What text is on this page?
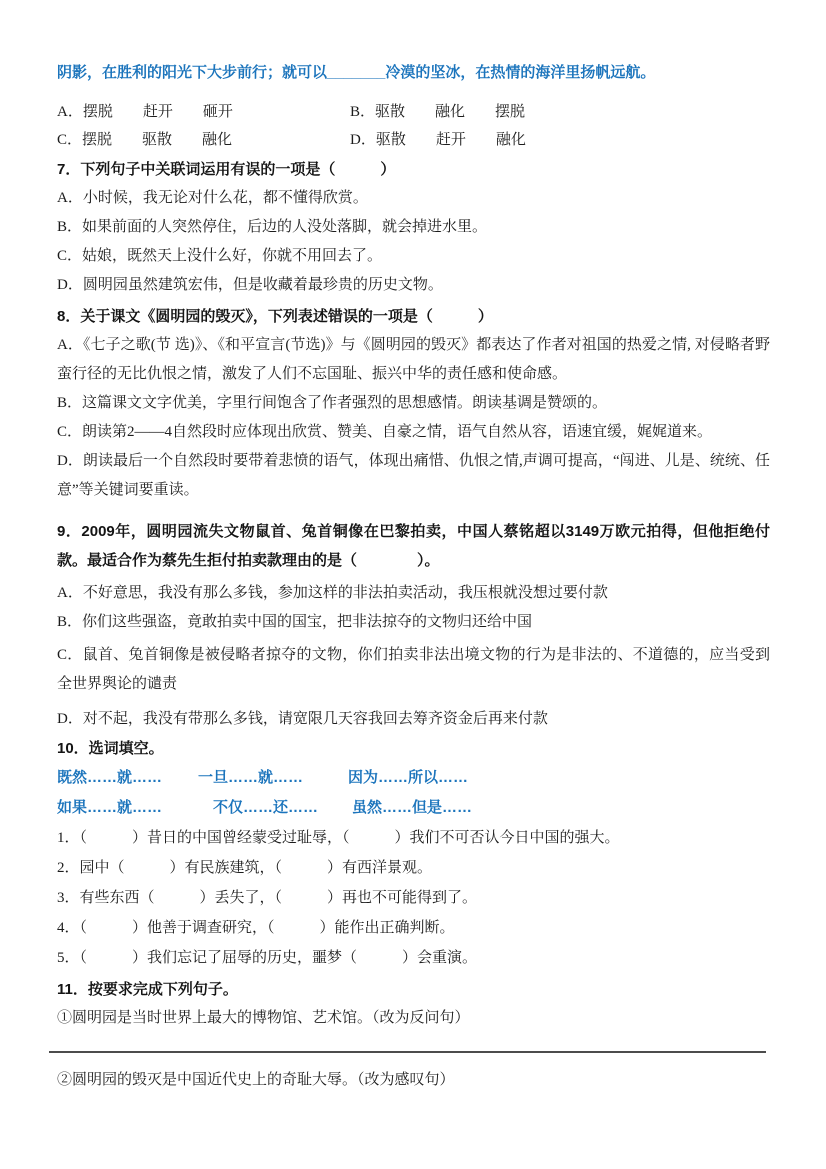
阴影，在胜利的阳光下大步前行；就可以_______冷漠的坚冰，在热情的海洋里扬帆远航。

A．摆脱　　赶开　　砸开	B．驱散　　融化　　摆脱
C．摆脱　　驱散　　融化	D．驱散　　赶开　　融化

7．下列句子中关联词运用有误的一项是（　　　）

A．小时候，我无论对什么花，都不懂得欣赏。

B．如果前面的人突然停住，后边的人没处落脚，就会掉进水里。

C．姑娘，既然天上没什么好，你就不用回去了。

D．圆明园虽然建筑宏伟，但是收藏着最珍贵的历史文物。

8．关于课文《圆明园的毁灭》，下列表述错误的一项是（　　　）

A．《七子之歌(节 选)》、《和平宣言(节选)》与《圆明园的毁灭》都表达了作者对祖国的热爱之情, 对侵略者野蛮行径的无比仇恨之情，激发了人们不忘国耻、振兴中华的责任感和使命感。

B．这篇课文文字优美，字里行间饱含了作者强烈的思想感情。朗读基调是赞颂的。

C．朗读第2——4自然段时应体现出欣赏、赞美、自豪之情，语气自然从容，语速宜缓，娓娓道来。

D．朗读最后一个自然段时要带着悲愤的语气，体现出痛惜、仇恨之情,声调可提高，“闯进、儿是、统统、任意”等关键词要重读。

9．2009年，圆明园流失文物鼠首、兔首铜像在巴黎拍卖，中国人蔡铭超以3149万欧元拍得，但他拒绝付款。最适合作为蔡先生拒付拍卖款理由的是（　　　　）。

A．不好意思，我没有那么多钱，参加这样的非法拍卖活动，我压根就没想过要付款

B．你们这些强盗，竟敢拍卖中国的国宝，把非法掠夺的文物归还给中国

C．鼠首、兔首铜像是被侵略者掠夺的文物，你们拍卖非法出境文物的行为是非法的、不道德的，应当受到全世界舆论的谴责

D．对不起，我没有带那么多钱，请宽限几天容我回去筹齐资金后再来付款

10．选词填空。

既然……就……	一旦……就……	因为……所以……
如果……就……	不仅……还……	虽然……但是……

1．（　　　）昔日的中国曾经蒙受过耻辱，（　　　）我们不可否认今日中国的强大。

2．园中（　　　）有民族建筑，（　　　）有西洋景观。

3．有些东西（　　　）丢失了，（　　　）再也不可能得到了。

4．（　　　）他善于调查研究，（　　　）能作出正确判断。

5．（　　　）我们忘记了屈辱的历史，噩梦（　　　）会重演。

11．按要求完成下列句子。

①圆明园是当时世界上最大的博物馆、艺术馆。（改为反问句）

②圆明园的毁灭是中国近代史上的奇耻大辱。（改为感叹句）
